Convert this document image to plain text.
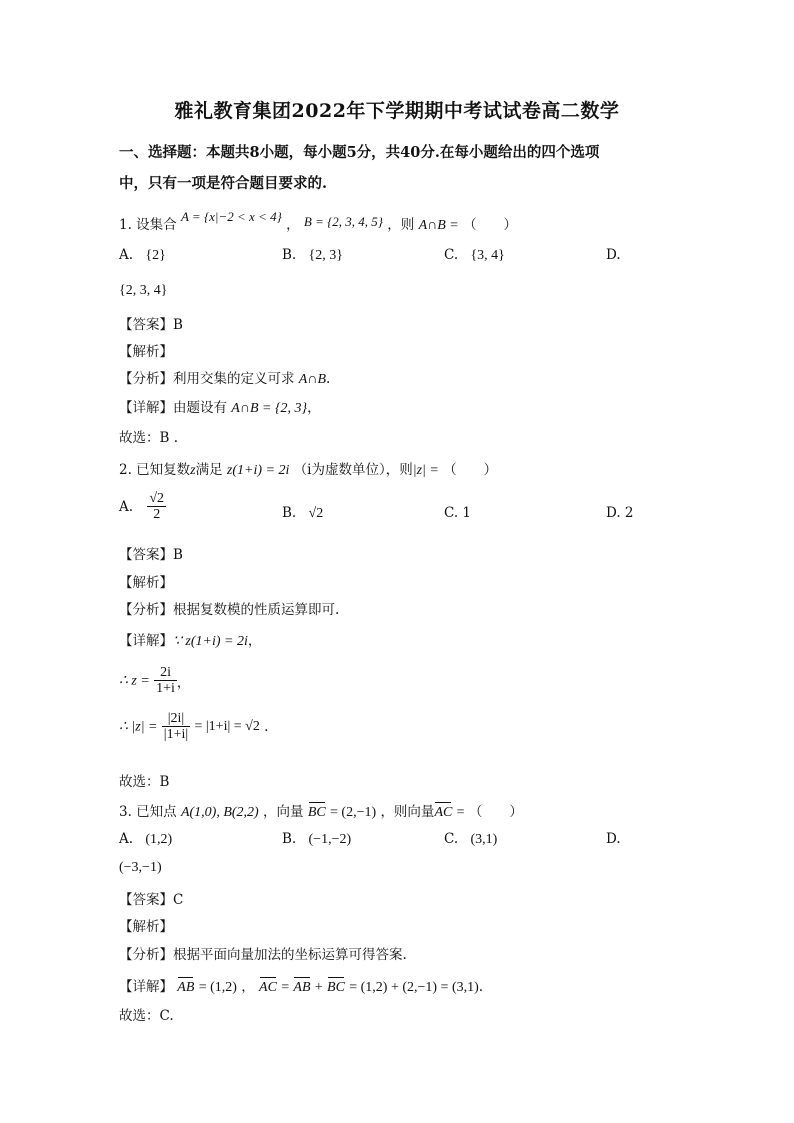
雅礼教育集团2022年下学期期中考试试卷高二数学
一、选择题：本题共8小题，每小题5分，共40分.在每小题给出的四个选项
中，只有一项是符合题目要求的.
1. 设集合 A = {x|−2 < x < 4} ， B = {2, 3, 4, 5} ，则 A∩B = （　　）
A. {2}	B. {2, 3}	C. {3, 4}	D.
{2, 3, 4}
【答案】B
【解析】
【分析】利用交集的定义可求 A∩B.
【详解】由题设有 A∩B = {2, 3}，
故选：B .
2. 已知复数z满足 z(1+i) = 2i （i为虚数单位），则|z| = （　　）
A. $\frac{√2}{2}$	B. √2	C. 1	D. 2
【答案】B
【解析】
【分析】根据复数模的性质运算即可.
【详解】∵ z(1+i) = 2i，
∴ $z = \frac{2i}{1+i}$ ，
∴ $|z| = \frac{|2i|}{|1+i|} = |1+i| = √2$ .
故选：B
3. 已知点 A(1,0), B(2,2) ，向量 BC = (2,−1) ，则向量AC = （　　）
A. (1,2)	B. (−1,−2)	C. (3,1)	D.
(−3,−1)
【答案】C
【解析】
【分析】根据平面向量加法的坐标运算可得答案.
【详解】 AB = (1,2) ， AC = AB + BC = (1,2) + (2,−1) = (3,1).
故选：C.
